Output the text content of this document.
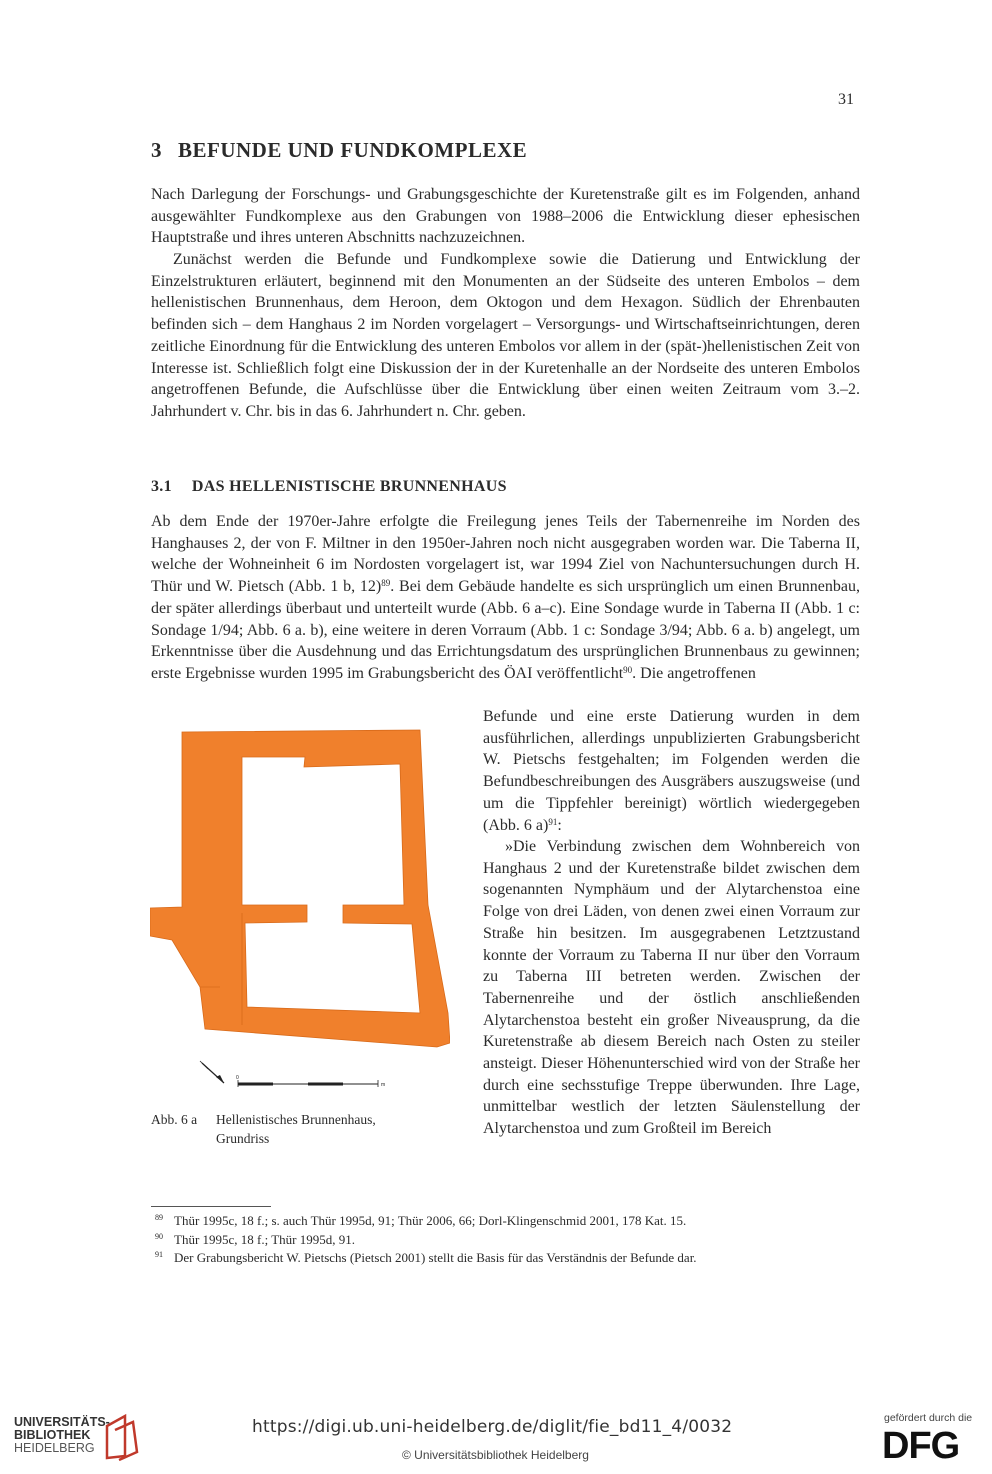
31
3 BEFUNDE UND FUNDKOMPLEXE

Nach Darlegung der Forschungs- und Grabungsgeschichte der Kuretenstraße gilt es im Folgenden, anhand ausgewählter Fundkomplexe aus den Grabungen von 1988–2006 die Entwicklung dieser ephesischen Hauptstraße und ihres unteren Abschnitts nachzuzeichnen.

Zunächst werden die Befunde und Fundkomplexe sowie die Datierung und Entwicklung der Einzelstrukturen erläutert, beginnend mit den Monumenten an der Südseite des unteren Embolos – dem hellenistischen Brunnenhaus, dem Heroon, dem Oktogon und dem Hexagon. Südlich der Ehrenbauten befinden sich – dem Hanghaus 2 im Norden vorgelagert – Versorgungs- und Wirtschaftseinrichtungen, deren zeitliche Einordnung für die Entwicklung des unteren Embolos vor allem in der (spät-)hellenistischen Zeit von Interesse ist. Schließlich folgt eine Diskussion der in der Kuretenhalle an der Nordseite des unteren Embolos angetroffenen Befunde, die Aufschlüsse über die Entwicklung über einen weiten Zeitraum vom 3.–2. Jahrhundert v. Chr. bis in das 6. Jahrhundert n. Chr. geben.

3.1 DAS HELLENISTISCHE BRUNNENHAUS

Ab dem Ende der 1970er-Jahre erfolgte die Freilegung jenes Teils der Tabernenreihe im Norden des Hanghauses 2, der von F. Miltner in den 1950er-Jahren noch nicht ausgegraben worden war. Die Taberna II, welche der Wohneinheit 6 im Nordosten vorgelagert ist, war 1994 Ziel von Nachuntersuchungen durch H. Thür und W. Pietsch (Abb. 1 b, 12)$^{89}$. Bei dem Gebäude handelte es sich ursprünglich um einen Brunnenbau, der später allerdings überbaut und unterteilt wurde (Abb. 6 a–c). Eine Sondage wurde in Taberna II (Abb. 1 c: Sondage 1/94; Abb. 6 a. b), eine weitere in deren Vorraum (Abb. 1 c: Sondage 3/94; Abb. 6 a. b) angelegt, um Erkenntnisse über die Ausdehnung und das Errichtungsdatum des ursprünglichen Brunnenbaus zu gewinnen; erste Ergebnisse wurden 1995 im Grabungsbericht des ÖAI veröffentlicht$^{90}$. Die angetroffenen

0
m
Abb. 6 a Hellenistisches Brunnenhaus,
Grundriss

Befunde und eine erste Datierung wurden in dem ausführlichen, allerdings unpublizierten Grabungsbericht W. Pietschs festgehalten; im Folgenden werden die Befundbeschreibungen des Ausgräbers auszugsweise (und um die Tippfehler bereinigt) wörtlich wiedergegeben (Abb. 6 a)$^{91}$:

»Die Verbindung zwischen dem Wohnbereich von Hanghaus 2 und der Kuretenstraße bildet zwischen dem sogenannten Nymphäum und der Alytarchenstoa eine Folge von drei Läden, von denen zwei einen Vorraum zur Straße hin besitzen. Im ausgegrabenen Letztzustand konnte der Vorraum zu Taberna II nur über den Vorraum zu Taberna III betreten werden. Zwischen der Tabernenreihe und der östlich anschließenden Alytarchenstoa besteht ein großer Niveausprung, da die Kuretenstraße ab diesem Bereich nach Osten zu steiler ansteigt. Dieser Höhenunterschied wird von der Straße her durch eine sechsstufige Treppe überwunden. Ihre Lage, unmittelbar westlich der letzten Säulenstellung der Alytarchenstoa und zum Großteil im Bereich

89 Thür 1995c, 18 f.; s. auch Thür 1995d, 91; Thür 2006, 66; Dorl-Klingenschmid 2001, 178 Kat. 15.
90 Thür 1995c, 18 f.; Thür 1995d, 91.
91 Der Grabungsbericht W. Pietschs (Pietsch 2001) stellt die Basis für das Verständnis der Befunde dar.
UNIVERSITÄTS-
BIBLIOTHEK
HEIDELBERG
https://digi.ub.uni-heidelberg.de/diglit/fie_bd11_4/0032
© Universitätsbibliothek Heidelberg
gefördert durch die
DFG
